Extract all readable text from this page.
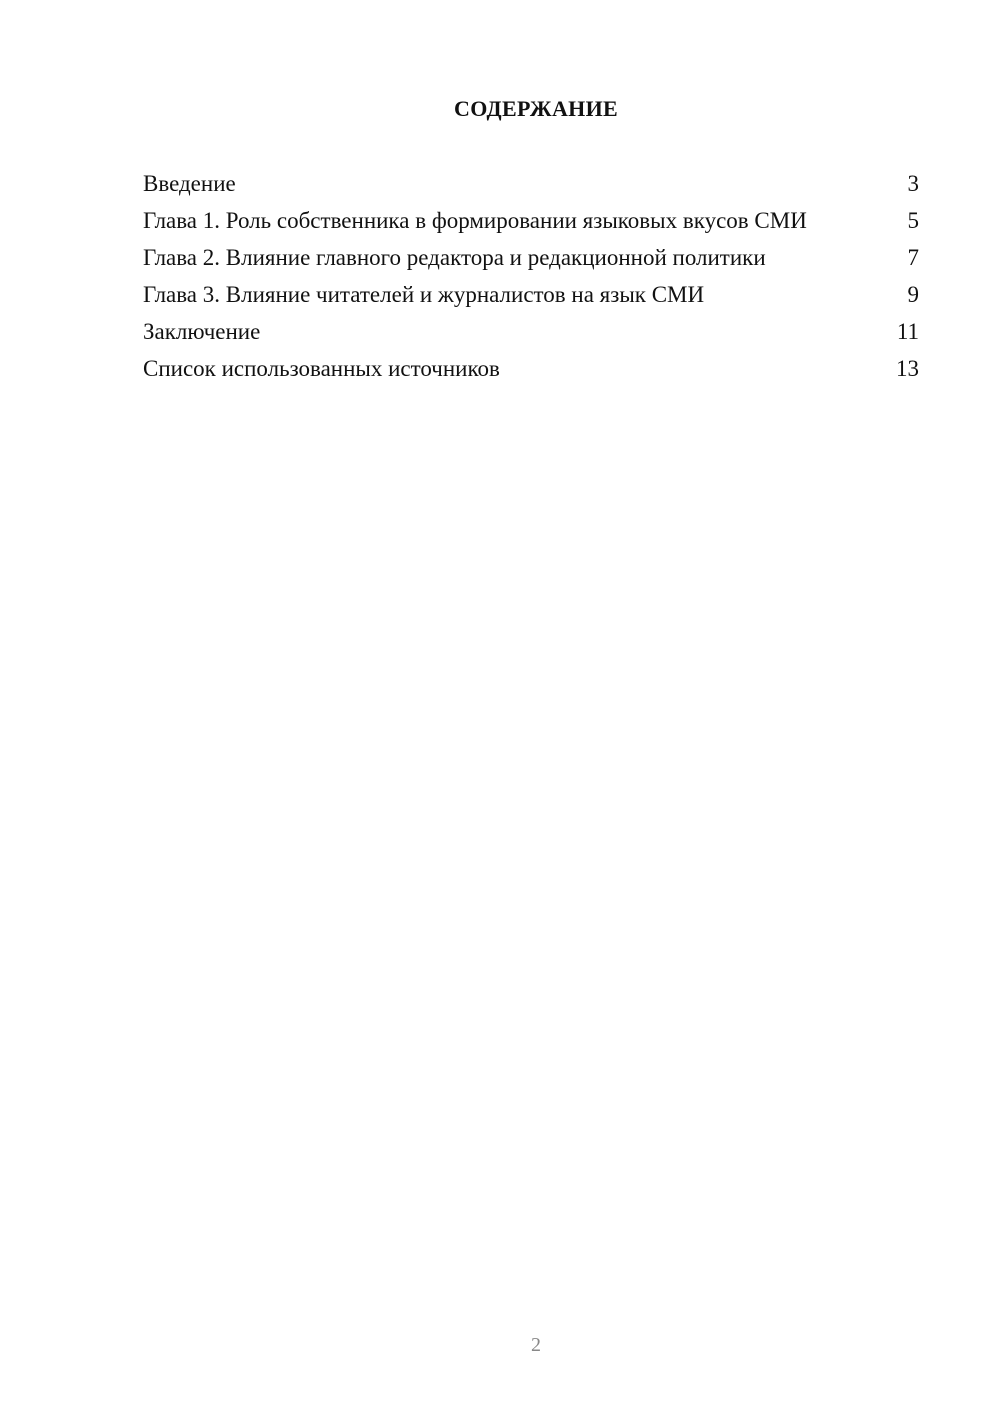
СОДЕРЖАНИЕ
Введение	3
Глава 1. Роль собственника в формировании языковых вкусов СМИ	5
Глава 2. Влияние главного редактора и редакционной политики	7
Глава 3. Влияние читателей и журналистов на язык СМИ	9
Заключение	11
Список использованных источников	13
2
